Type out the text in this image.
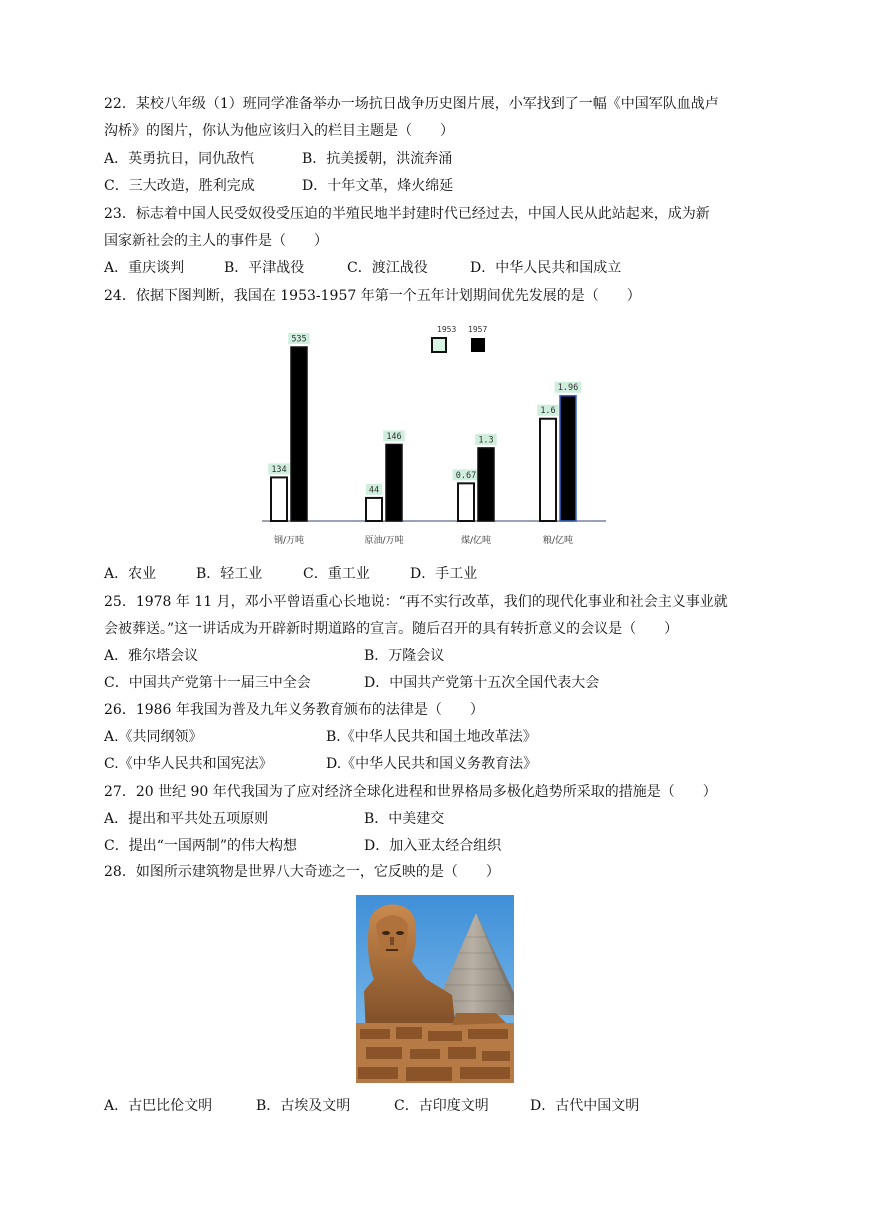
22．某校八年级（1）班同学准备举办一场抗日战争历史图片展，小军找到了一幅《中国军队血战卢
沟桥》的图片，你认为他应该归入的栏目主题是（　　）
A．英勇抗日，同仇敌忾	B．抗美援朝，洪流奔涌
C．三大改造，胜利完成	D．十年文革，烽火绵延
23．标志着中国人民受奴役受压迫的半殖民地半封建时代已经过去，中国人民从此站起来，成为新
国家新社会的主人的事件是（　　）
A．重庆谈判	B．平津战役	C．渡江战役	D．中华人民共和国成立
24．依据下图判断，我国在 1953-1957 年第一个五年计划期间优先发展的是（　　）
1953 1957
134
535
44
146
0.67
1.3
1.6
1.96
钢/万吨	原油/万吨	煤/亿吨	粮/亿吨
A．农业	B．轻工业	C．重工业	D．手工业
25．1978 年 11 月，邓小平曾语重心长地说：“再不实行改革，我们的现代化事业和社会主义事业就
会被葬送。”这一讲话成为开辟新时期道路的宣言。随后召开的具有转折意义的会议是（　　）
A．雅尔塔会议	B．万隆会议
C．中国共产党第十一届三中全会	D．中国共产党第十五次全国代表大会
26．1986 年我国为普及九年义务教育颁布的法律是（　　）
A.《共同纲领》	B.《中华人民共和国土地改革法》
C.《中华人民共和国宪法》	D.《中华人民共和国义务教育法》
27．20 世纪 90 年代我国为了应对经济全球化进程和世界格局多极化趋势所采取的措施是（　　）
A．提出和平共处五项原则	B．中美建交
C．提出“一国两制”的伟大构想	D．加入亚太经合组织
28．如图所示建筑物是世界八大奇迹之一，它反映的是（　　）
A．古巴比伦文明	B．古埃及文明	C．古印度文明	D．古代中国文明
